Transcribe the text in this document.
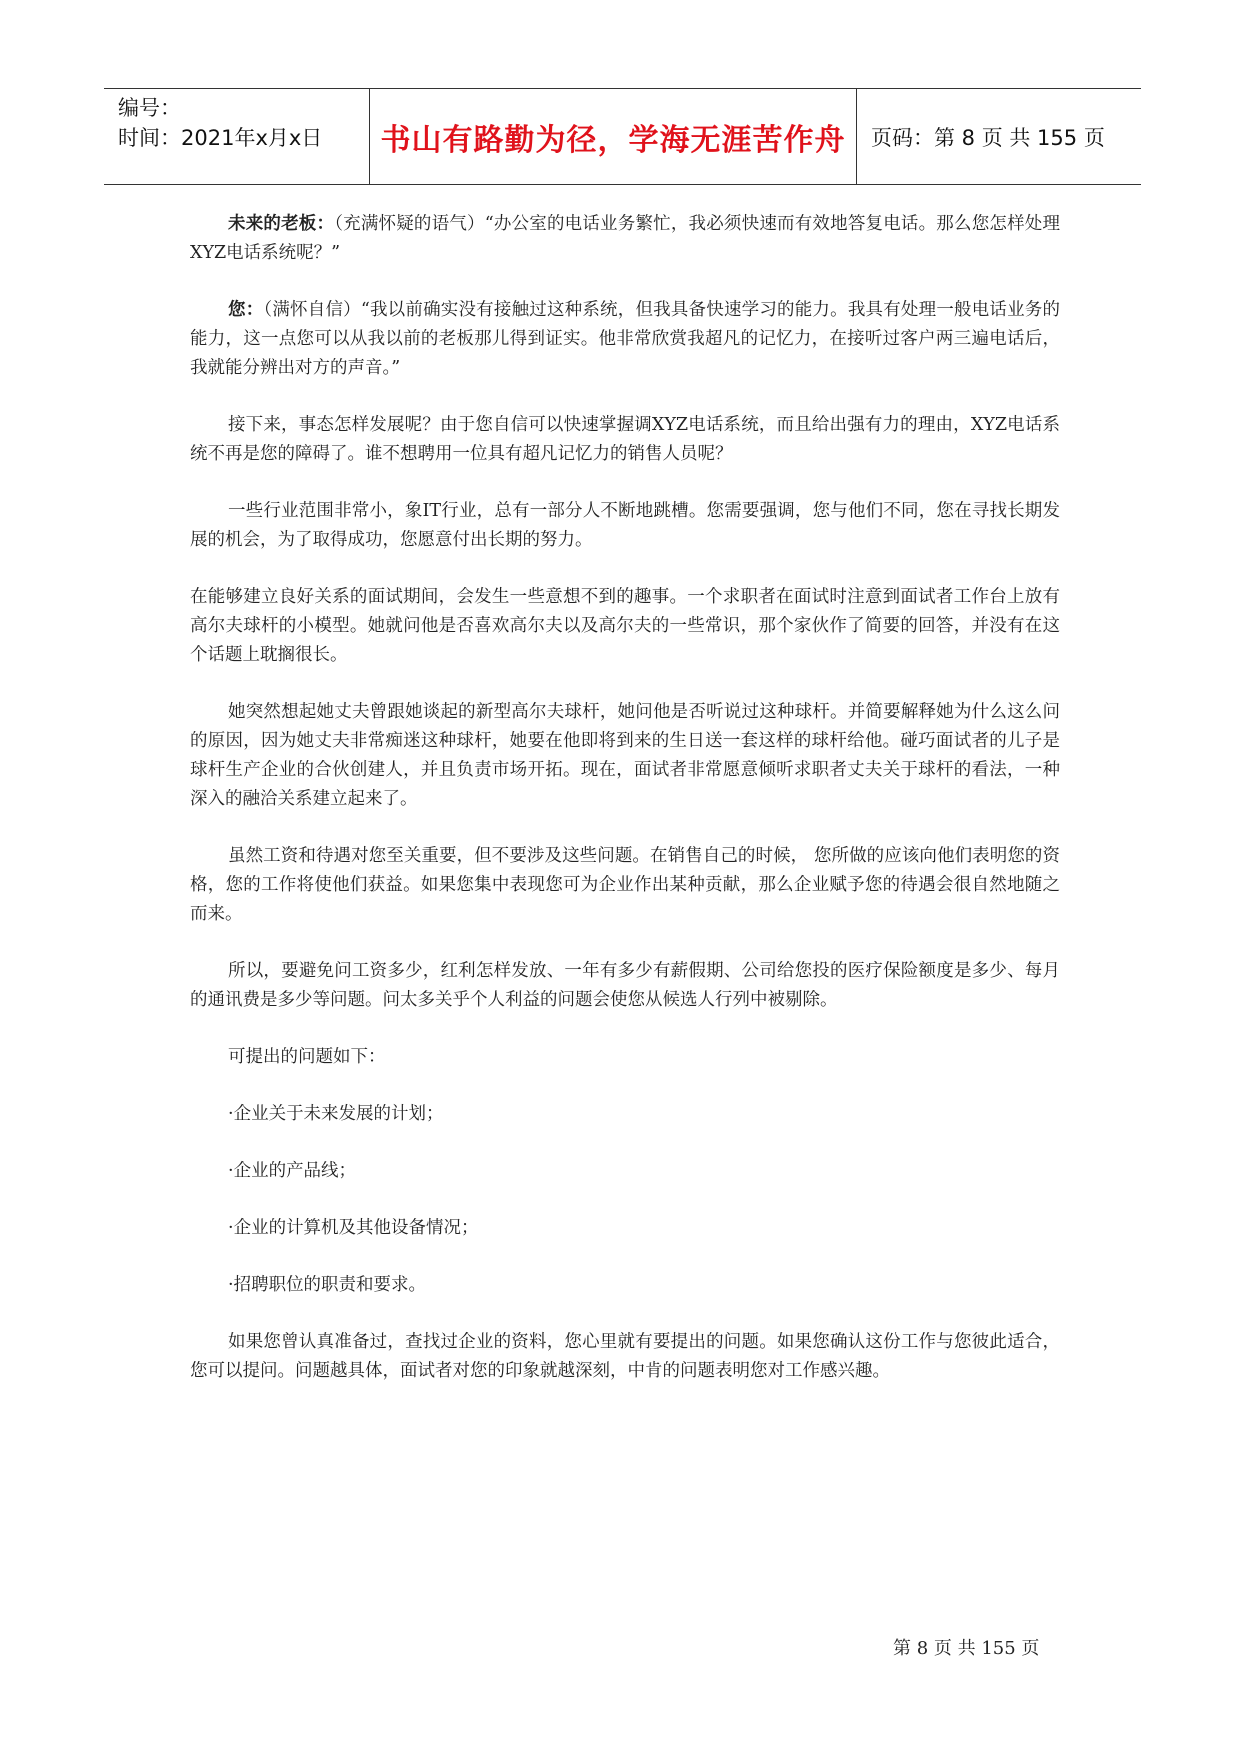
编号：
时间：2021年x月x日	书山有路勤为径，学海无涯苦作舟	页码：第 8 页 共 155 页

未来的老板：（充满怀疑的语气）“办公室的电话业务繁忙，我必须快速而有效地答复电话。那么您怎样处理XYZ电话系统呢？”

您：（满怀自信）“我以前确实没有接触过这种系统，但我具备快速学习的能力。我具有处理一般电话业务的能力，这一点您可以从我以前的老板那儿得到证实。他非常欣赏我超凡的记忆力，在接听过客户两三遍电话后，我就能分辨出对方的声音。”

接下来，事态怎样发展呢？由于您自信可以快速掌握调XYZ电话系统，而且给出强有力的理由，XYZ电话系统不再是您的障碍了。谁不想聘用一位具有超凡记忆力的销售人员呢？

一些行业范围非常小，象IT行业，总有一部分人不断地跳槽。您需要强调，您与他们不同，您在寻找长期发展的机会，为了取得成功，您愿意付出长期的努力。

在能够建立良好关系的面试期间，会发生一些意想不到的趣事。一个求职者在面试时注意到面试者工作台上放有高尔夫球杆的小模型。她就问他是否喜欢高尔夫以及高尔夫的一些常识，那个家伙作了简要的回答，并没有在这个话题上耽搁很长。

她突然想起她丈夫曾跟她谈起的新型高尔夫球杆，她问他是否听说过这种球杆。并简要解释她为什么这么问的原因，因为她丈夫非常痴迷这种球杆，她要在他即将到来的生日送一套这样的球杆给他。碰巧面试者的儿子是球杆生产企业的合伙创建人，并且负责市场开拓。现在，面试者非常愿意倾听求职者丈夫关于球杆的看法，一种深入的融洽关系建立起来了。

虽然工资和待遇对您至关重要，但不要涉及这些问题。在销售自己的时候， 您所做的应该向他们表明您的资格，您的工作将使他们获益。如果您集中表现您可为企业作出某种贡献，那么企业赋予您的待遇会很自然地随之而来。

所以，要避免问工资多少，红利怎样发放、一年有多少有薪假期、公司给您投的医疗保险额度是多少、每月的通讯费是多少等问题。问太多关乎个人利益的问题会使您从候选人行列中被剔除。

可提出的问题如下：

·企业关于未来发展的计划；
·企业的产品线；
·企业的计算机及其他设备情况；
·招聘职位的职责和要求。

如果您曾认真准备过，查找过企业的资料，您心里就有要提出的问题。如果您确认这份工作与您彼此适合，您可以提问。问题越具体，面试者对您的印象就越深刻，中肯的问题表明您对工作感兴趣。

第 8 页 共 155 页
